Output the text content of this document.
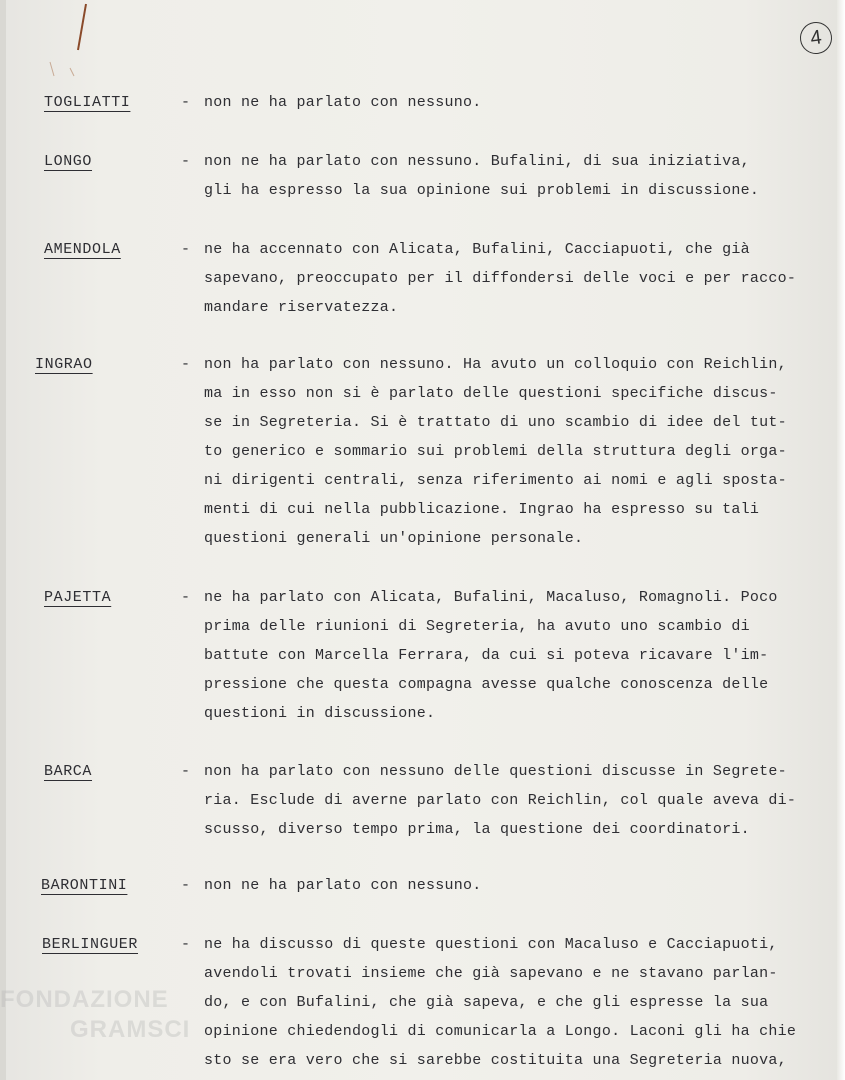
4
FONDAZIONE
GRAMSCI
TOGLIATTI	- non ne ha parlato con nessuno.
LONGO	- non ne ha parlato con nessuno. Bufalini, di sua iniziativa,
gli ha espresso la sua opinione sui problemi in discussione.
AMENDOLA	- ne ha accennato con Alicata, Bufalini, Cacciapuoti, che già
sapevano, preoccupato per il diffondersi delle voci e per racco-
mandare riservatezza.
INGRAO	- non ha parlato con nessuno. Ha avuto un colloquio con Reichlin,
ma in esso non si è parlato delle questioni specifiche discus-
se in Segreteria. Si è trattato di uno scambio di idee del tut-
to generico e sommario sui problemi della struttura degli orga-
ni dirigenti centrali, senza riferimento ai nomi e agli sposta-
menti di cui nella pubblicazione. Ingrao ha espresso su tali
questioni generali un'opinione personale.
PAJETTA	- ne ha parlato con Alicata, Bufalini, Macaluso, Romagnoli. Poco
prima delle riunioni di Segreteria, ha avuto uno scambio di
battute con Marcella Ferrara, da cui si poteva ricavare l'im-
pressione che questa compagna avesse qualche conoscenza delle
questioni in discussione.
BARCA	- non ha parlato con nessuno delle questioni discusse in Segrete-
ria. Esclude di averne parlato con Reichlin, col quale aveva di-
scusso, diverso tempo prima, la questione dei coordinatori.
BARONTINI	- non ne ha parlato con nessuno.
BERLINGUER	- ne ha discusso di queste questioni con Macaluso e Cacciapuoti,
avendoli trovati insieme che già sapevano e ne stavano parlan-
do, e con Bufalini, che già sapeva, e che gli espresse la sua
opinione chiedendogli di comunicarla a Longo. Laconi gli ha chie
sto se era vero che si sarebbe costituita una Segreteria nuova,
